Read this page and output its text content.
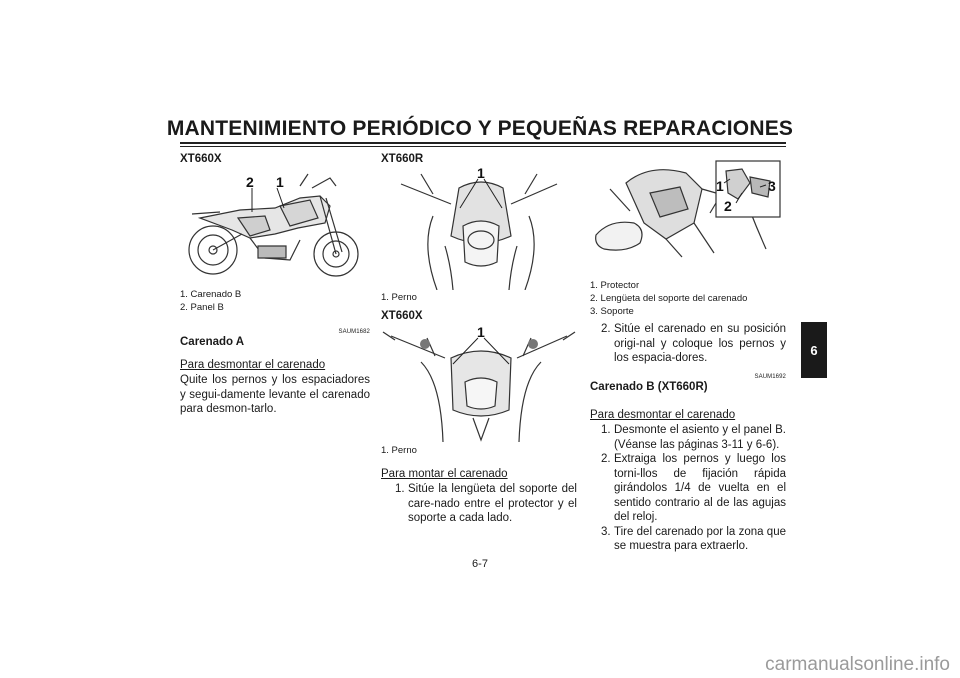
MANTENIMIENTO PERIÓDICO Y PEQUEÑAS REPARACIONES
6
XT660X
2 1
1. Carenado B
2. Panel B
SAUM1682
Carenado A
Para desmontar el carenado
Quite los pernos y los espaciadores y segui-damente levante el carenado para desmon-tarlo.
XT660R
1
1. Perno
XT660X
1
1. Perno
Para montar el carenado
1. Sitúe la lengüeta del soporte del care-nado entre el protector y el soporte a cada lado.
1
2
3
1. Protector
2. Lengüeta del soporte del carenado
3. Soporte
2. Sitúe el carenado en su posición origi-nal y coloque los pernos y los espacia-dores.
SAUM1692
Carenado B (XT660R)
Para desmontar el carenado
1. Desmonte el asiento y el panel B. (Véanse las páginas 3-11 y 6-6).
2. Extraiga los pernos y luego los torni-llos de fijación rápida girándolos 1/4 de vuelta en el sentido contrario al de las agujas del reloj.
3. Tire del carenado por la zona que se muestra para extraerlo.
6-7
carmanualsonline.info
